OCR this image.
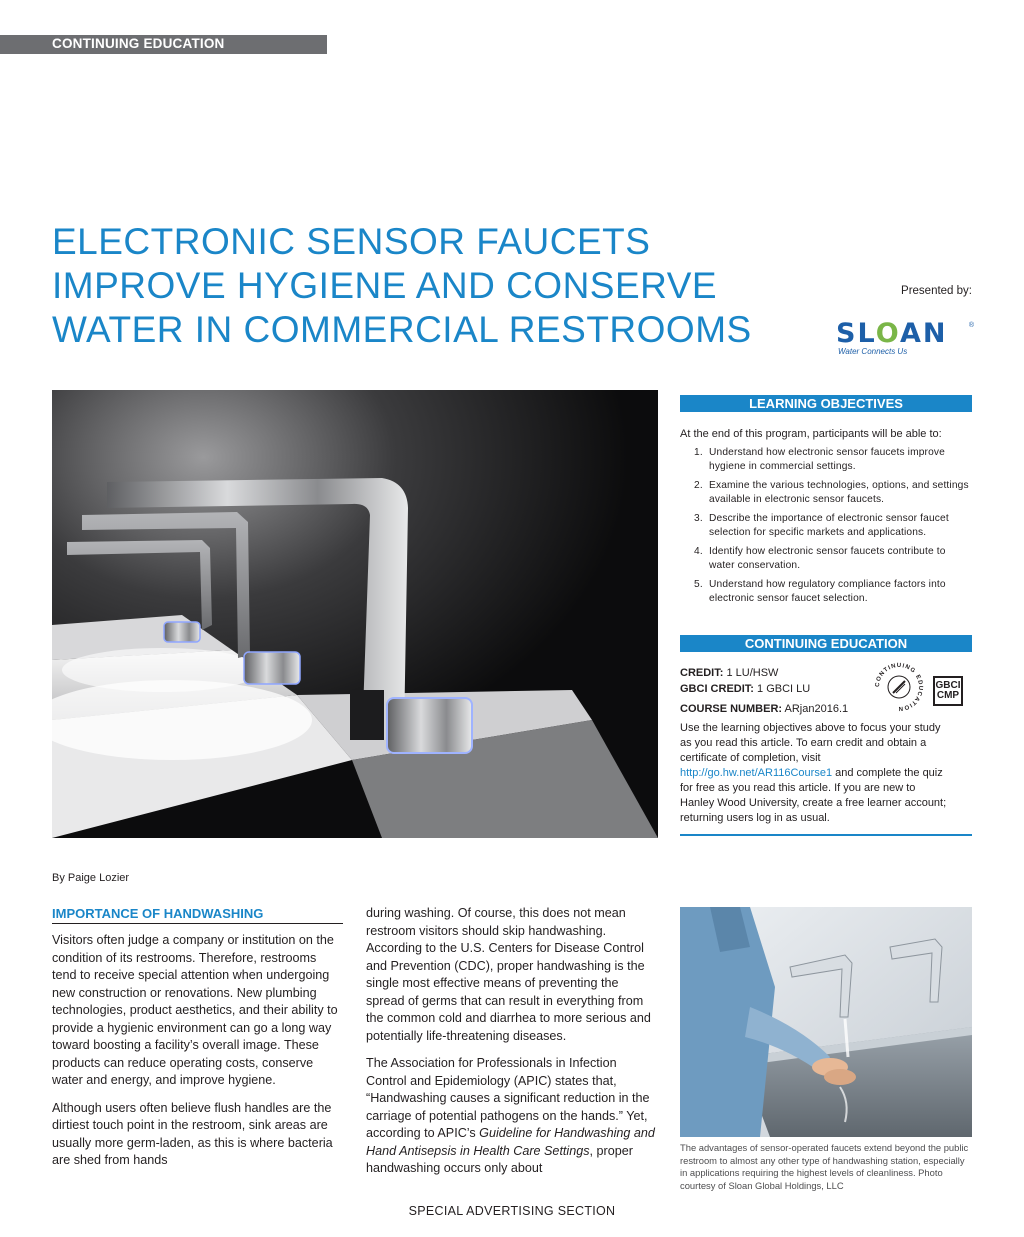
CONTINUING EDUCATION
ELECTRONIC SENSOR FAUCETS
IMPROVE HYGIENE AND CONSERVE
WATER IN COMMERCIAL RESTROOMS
Presented by:
SLOAN	®
Water Connects Us
LEARNING OBJECTIVES
At the end of this program, participants will be able to:
1. Understand how electronic sensor faucets improve hygiene in commercial settings.
2. Examine the various technologies, options, and settings available in electronic sensor faucets.
3. Describe the importance of electronic sensor faucet selection for specific markets and applications.
4. Identify how electronic sensor faucets contribute to water conservation.
5. Understand how regulatory compliance factors into electronic sensor faucet selection.
CONTINUING EDUCATION
CREDIT: 1 LU/HSW
GBCI CREDIT: 1 GBCI LU
COURSE NUMBER: ARjan2016.1
CONTINUING EDUCATION
GBCI
CMP
Use the learning objectives above to focus your study as you read this article. To earn credit and obtain a certificate of completion, visit http://go.hw.net/AR116Course1 and complete the quiz for free as you read this article. If you are new to Hanley Wood University, create a free learner account; returning users log in as usual.
By Paige Lozier
IMPORTANCE OF HANDWASHING

Visitors often judge a company or institution on the condition of its restrooms. Therefore, restrooms tend to receive special attention when undergoing new construction or renovations. New plumbing technologies, product aesthetics, and their ability to provide a hygienic environment can go a long way toward boosting a facility’s overall image. These products can reduce operating costs, conserve water and energy, and improve hygiene.

Although users often believe flush handles are the dirtiest touch point in the restroom, sink areas are usually more germ-laden, as this is where bacteria are shed from hands

during washing. Of course, this does not mean restroom visitors should skip handwashing. According to the U.S. Centers for Disease Control and Prevention (CDC), proper handwashing is the single most effective means of preventing the spread of germs that can result in everything from the common cold and diarrhea to more serious and potentially life-threatening diseases.

The Association for Professionals in Infection Control and Epidemiology (APIC) states that, “Handwashing causes a significant reduction in the carriage of potential pathogens on the hands.” Yet, according to APIC’s Guideline for Handwashing and Hand Antisepsis in Health Care Settings, proper handwashing occurs only about

The advantages of sensor-operated faucets extend beyond the public restroom to almost any other type of handwashing station, especially in applications requiring the highest levels of cleanliness. Photo courtesy of Sloan Global Holdings, LLC
SPECIAL ADVERTISING SECTION
